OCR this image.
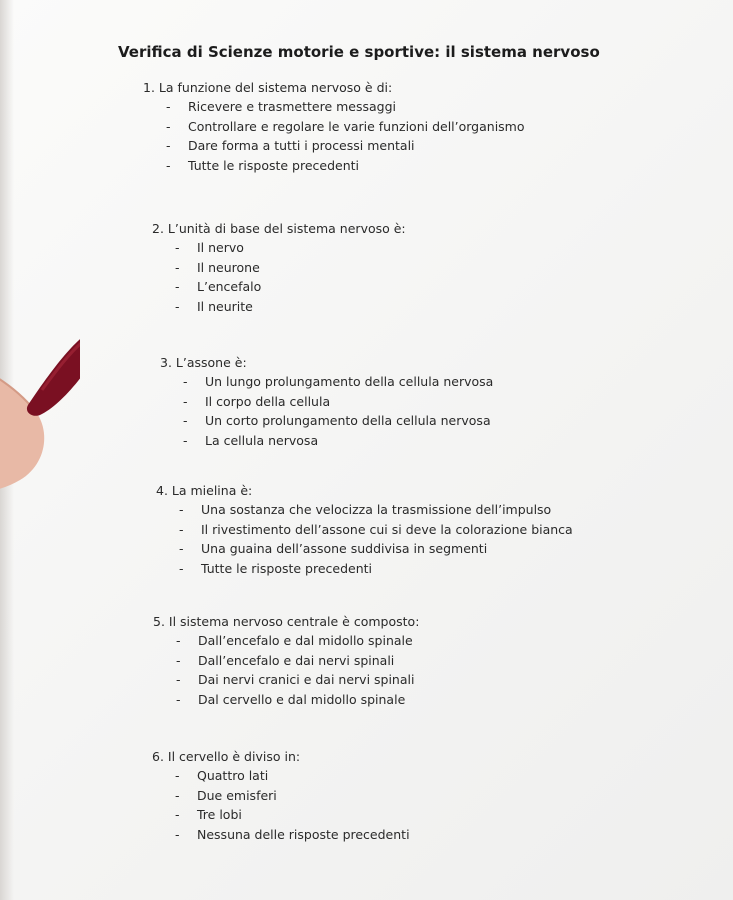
Verifica di Scienze motorie e sportive: il sistema nervoso
1. La funzione del sistema nervoso è di:
- Ricevere e trasmettere messaggi
- Controllare e regolare le varie funzioni dell’organismo
- Dare forma a tutti i processi mentali
- Tutte le risposte precedenti
2. L’unità di base del sistema nervoso è:
- Il nervo
- Il neurone
- L’encefalo
- Il neurite
3. L’assone è:
- Un lungo prolungamento della cellula nervosa
- Il corpo della cellula
- Un corto prolungamento della cellula nervosa
- La cellula nervosa
4. La mielina è:
- Una sostanza che velocizza la trasmissione dell’impulso
- Il rivestimento dell’assone cui si deve la colorazione bianca
- Una guaina dell’assone suddivisa in segmenti
- Tutte le risposte precedenti
5. Il sistema nervoso centrale è composto:
- Dall’encefalo e dal midollo spinale
- Dall’encefalo e dai nervi spinali
- Dai nervi cranici e dai nervi spinali
- Dal cervello e dal midollo spinale
6. Il cervello è diviso in:
- Quattro lati
- Due emisferi
- Tre lobi
- Nessuna delle risposte precedenti
